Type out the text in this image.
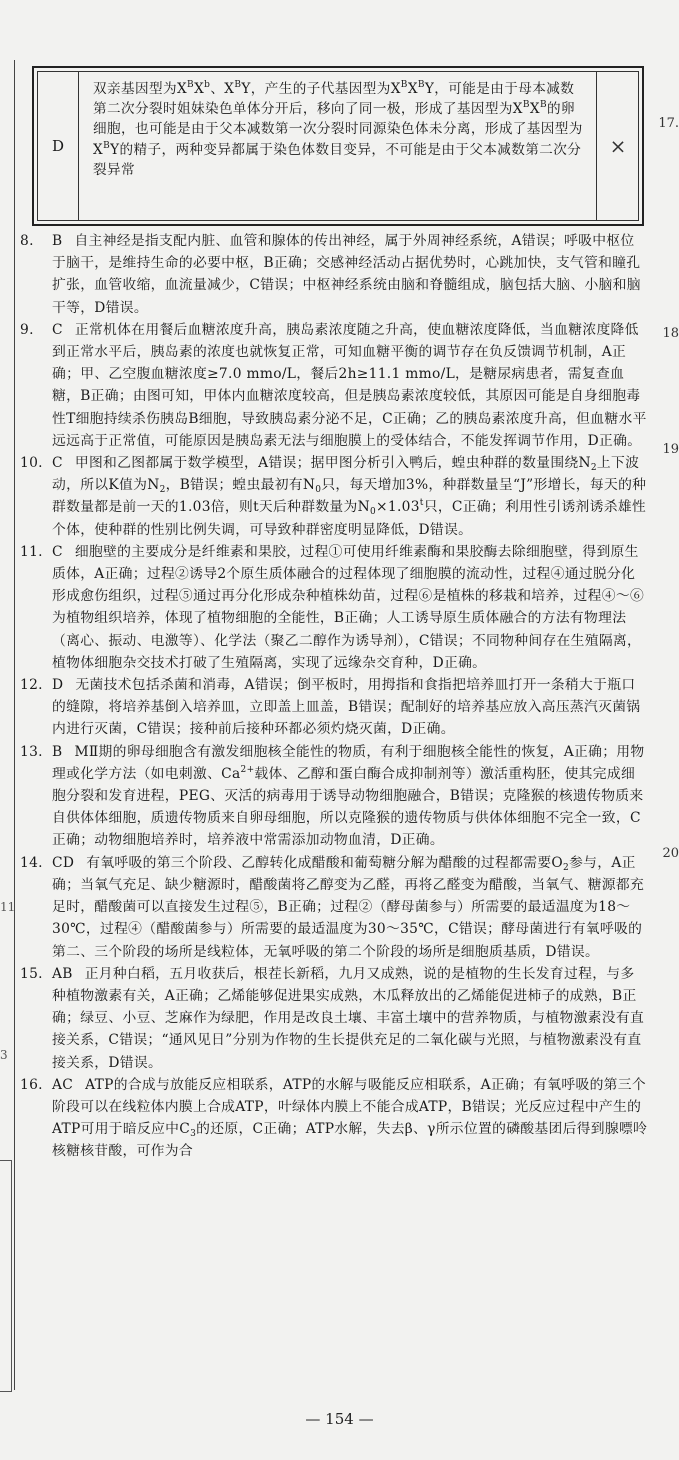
11
3
17.
18
19
20
D
双亲基因型为$X^BX^b$、$X^BY$，产生的子代基因型为$X^BX^BY$，可能是由于母本减数第二次分裂时姐妹染色单体分开后，移向了同一极，形成了基因型为$X^BX^B$的卵细胞，也可能是由于父本减数第一次分裂时同源染色体未分离，形成了基因型为$X^BY$的精子，两种变异都属于染色体数目变异，不可能是由于父本减数第二次分裂异常
×

8. B 自主神经是指支配内脏、血管和腺体的传出神经，属于外周神经系统，A错误；呼吸中枢位于脑干，是维持生命的必要中枢，B正确；交感神经活动占据优势时，心跳加快，支气管和瞳孔扩张，血管收缩，血流量减少，C错误；中枢神经系统由脑和脊髓组成，脑包括大脑、小脑和脑干等，D错误。

9. C 正常机体在用餐后血糖浓度升高，胰岛素浓度随之升高，使血糖浓度降低，当血糖浓度降低到正常水平后，胰岛素的浓度也就恢复正常，可知血糖平衡的调节存在负反馈调节机制，A正确；甲、乙空腹血糖浓度≥7.0 mmo/L，餐后2h≥11.1 mmo/L，是糖尿病患者，需复查血糖，B正确；由图可知，甲体内血糖浓度较高，但是胰岛素浓度较低，其原因可能是自身细胞毒性T细胞持续杀伤胰岛B细胞，导致胰岛素分泌不足，C正确；乙的胰岛素浓度升高，但血糖水平远远高于正常值，可能原因是胰岛素无法与细胞膜上的受体结合，不能发挥调节作用，D正确。

10. C 甲图和乙图都属于数学模型，A错误；据甲图分析引入鸭后，蝗虫种群的数量围绕$N_2$上下波动，所以K值为$N_2$，B错误；蝗虫最初有$N_0$只，每天增加3%，种群数量呈“J”形增长，每天的种群数量都是前一天的1.03倍，则t天后种群数量为$N_0\times 1.03^t$只，C正确；利用性引诱剂诱杀雄性个体，使种群的性别比例失调，可导致种群密度明显降低，D错误。

11. C 细胞壁的主要成分是纤维素和果胶，过程①可使用纤维素酶和果胶酶去除细胞壁，得到原生质体，A正确；过程②诱导2个原生质体融合的过程体现了细胞膜的流动性，过程④通过脱分化形成愈伤组织，过程⑤通过再分化形成杂种植株幼苗，过程⑥是植株的移栽和培养，过程④～⑥为植物组织培养，体现了植物细胞的全能性，B正确；人工诱导原生质体融合的方法有物理法（离心、振动、电激等）、化学法（聚乙二醇作为诱导剂），C错误；不同物种间存在生殖隔离，植物体细胞杂交技术打破了生殖隔离，实现了远缘杂交育种，D正确。

12. D 无菌技术包括杀菌和消毒，A错误；倒平板时，用拇指和食指把培养皿打开一条稍大于瓶口的缝隙，将培养基倒入培养皿，立即盖上皿盖，B错误；配制好的培养基应放入高压蒸汽灭菌锅内进行灭菌，C错误；接种前后接种环都必须灼烧灭菌，D正确。

13. B MⅡ期的卵母细胞含有激发细胞核全能性的物质，有利于细胞核全能性的恢复，A正确；用物理或化学方法（如电刺激、$Ca^{2+}$载体、乙醇和蛋白酶合成抑制剂等）激活重构胚，使其完成细胞分裂和发育进程，PEG、灭活的病毒用于诱导动物细胞融合，B错误；克隆猴的核遗传物质来自供体体细胞，质遗传物质来自卵母细胞，所以克隆猴的遗传物质与供体体细胞不完全一致，C正确；动物细胞培养时，培养液中常需添加动物血清，D正确。

14. CD 有氧呼吸的第三个阶段、乙醇转化成醋酸和葡萄糖分解为醋酸的过程都需要$O_2$参与，A正确；当氧气充足、缺少糖源时，醋酸菌将乙醇变为乙醛，再将乙醛变为醋酸，当氧气、糖源都充足时，醋酸菌可以直接发生过程⑤，B正确；过程②（酵母菌参与）所需要的最适温度为18～30℃，过程④（醋酸菌参与）所需要的最适温度为30～35℃，C错误；酵母菌进行有氧呼吸的第二、三个阶段的场所是线粒体，无氧呼吸的第二个阶段的场所是细胞质基质，D错误。

15. AB 正月种白稻，五月收获后，根茬长新稻，九月又成熟，说的是植物的生长发育过程，与多种植物激素有关，A正确；乙烯能够促进果实成熟，木瓜释放出的乙烯能促进柿子的成熟，B正确；绿豆、小豆、芝麻作为绿肥，作用是改良土壤、丰富土壤中的营养物质，与植物激素没有直接关系，C错误；“通风见日”分别为作物的生长提供充足的二氧化碳与光照，与植物激素没有直接关系，D错误。

16. AC ATP的合成与放能反应相联系，ATP的水解与吸能反应相联系，A正确；有氧呼吸的第三个阶段可以在线粒体内膜上合成ATP，叶绿体内膜上不能合成ATP，B错误；光反应过程中产生的ATP可用于暗反应中$C_3$的还原，C正确；ATP水解，失去β、γ所示位置的磷酸基团后得到腺嘌呤核糖核苷酸，可作为合

— 154 —
